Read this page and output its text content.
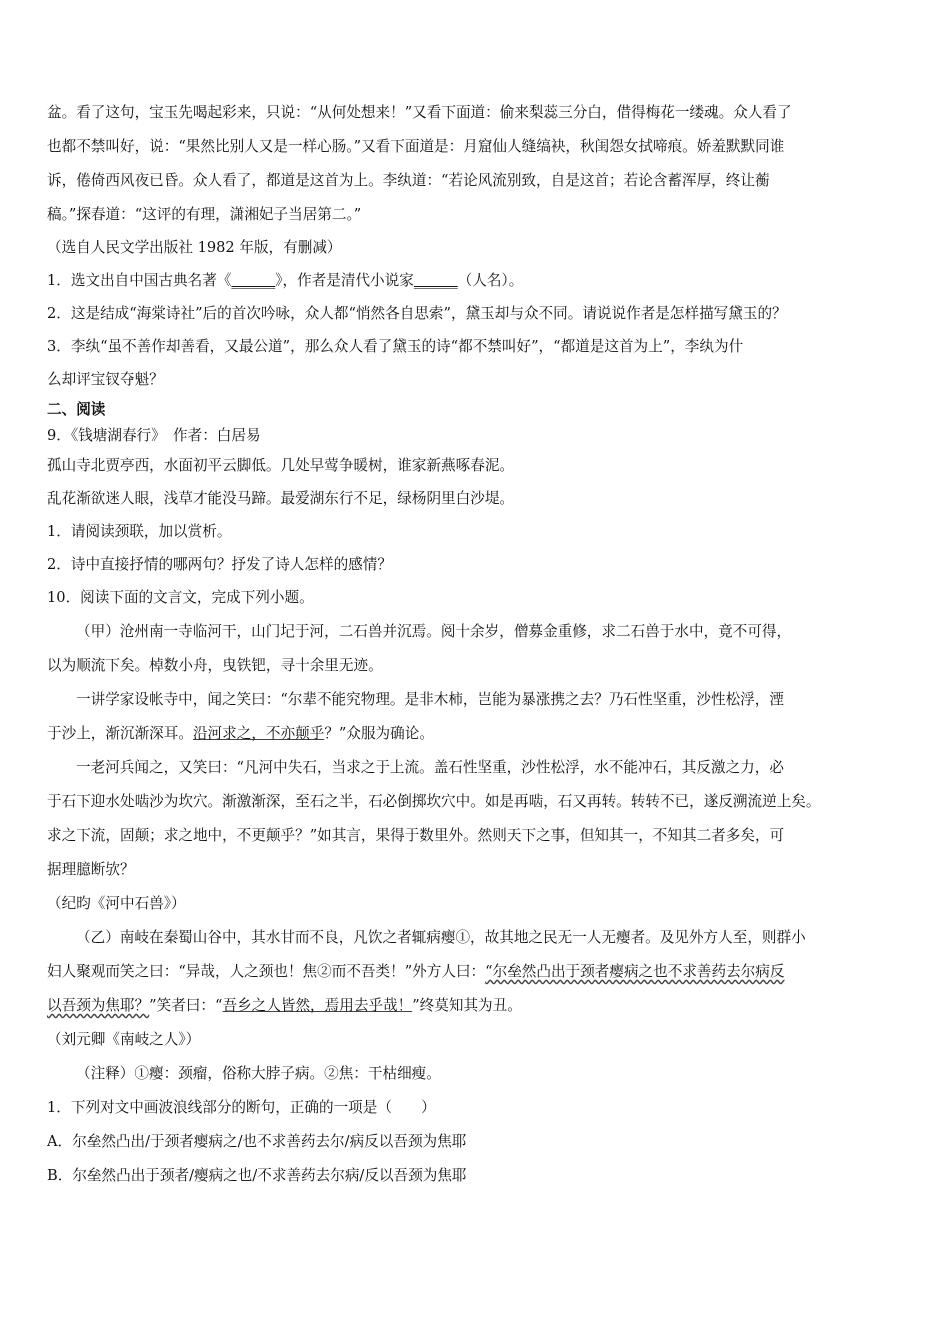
盆。看了这句，宝玉先喝起彩来，只说：“从何处想来！”又看下面道：偷来梨蕊三分白，借得梅花一缕魂。众人看了
也都不禁叫好，说：“果然比别人又是一样心肠。”又看下面道是：月窟仙人缝缟袂，秋闺怨女拭啼痕。娇羞默默同谁
诉，倦倚西风夜已昏。众人看了，都道是这首为上。李纨道：“若论风流别致，自是这首；若论含蓄浑厚，终让蘅
稿。”探春道：“这评的有理，潇湘妃子当居第二。”
（选自人民文学出版社 1982 年版，有删减）
1．选文出自中国古典名著《______》，作者是清代小说家______（人名）。
2．这是结成“海棠诗社”后的首次吟咏，众人都“悄然各自思索”，黛玉却与众不同。请说说作者是怎样描写黛玉的？
3．李纨“虽不善作却善看，又最公道”，那么众人看了黛玉的诗“都不禁叫好”，“都道是这首为上”，李纨为什
么却评宝钗夺魁？
二、阅读
9．《钱塘湖春行》　作者：白居易
孤山寺北贾亭西，水面初平云脚低。几处早莺争暖树，谁家新燕啄春泥。
乱花渐欲迷人眼，浅草才能没马蹄。最爱湖东行不足，绿杨阴里白沙堤。
1．请阅读颈联，加以赏析。
2．诗中直接抒情的哪两句？抒发了诗人怎样的感情？
10．阅读下面的文言文，完成下列小题。
（甲）沧州南一寺临河干，山门圮于河，二石兽并沉焉。阅十余岁，僧募金重修，求二石兽于水中，竟不可得，
以为顺流下矣。棹数小舟，曳铁钯，寻十余里无迹。
一讲学家设帐寺中，闻之笑曰：“尔辈不能究物理。是非木柿，岂能为暴涨携之去？乃石性坚重，沙性松浮，湮
于沙上，渐沉渐深耳。沿河求之，不亦颠乎？”众服为确论。
一老河兵闻之，又笑曰：“凡河中失石，当求之于上流。盖石性坚重，沙性松浮，水不能冲石，其反激之力，必
于石下迎水处啮沙为坎穴。渐激渐深，至石之半，石必倒掷坎穴中。如是再啮，石又再转。转转不已，遂反溯流逆上矣。
求之下流，固颠；求之地中，不更颠乎？”如其言，果得于数里外。然则天下之事，但知其一，不知其二者多矣，可
据理臆断欤？
（纪昀《河中石兽》）
（乙）南岐在秦蜀山谷中，其水甘而不良，凡饮之者辄病瘿①，故其地之民无一人无瘿者。及见外方人至，则群小
妇人聚观而笑之曰：“异哉，人之颈也！焦②而不吾类！”外方人曰：“尔垒然凸出于颈者瘿病之也不求善药去尔病反
以吾颈为焦耶？”笑者曰：“吾乡之人皆然，焉用去乎哉！”终莫知其为丑。
（刘元卿《南岐之人》）
（注释）①瘿：颈瘤，俗称大脖子病。②焦：干枯细瘦。
1．下列对文中画波浪线部分的断句，正确的一项是（　　）
A．尔垒然凸出/于颈者瘿病之/也不求善药去尔/病反以吾颈为焦耶
B．尔垒然凸出于颈者/瘿病之也/不求善药去尔病/反以吾颈为焦耶
